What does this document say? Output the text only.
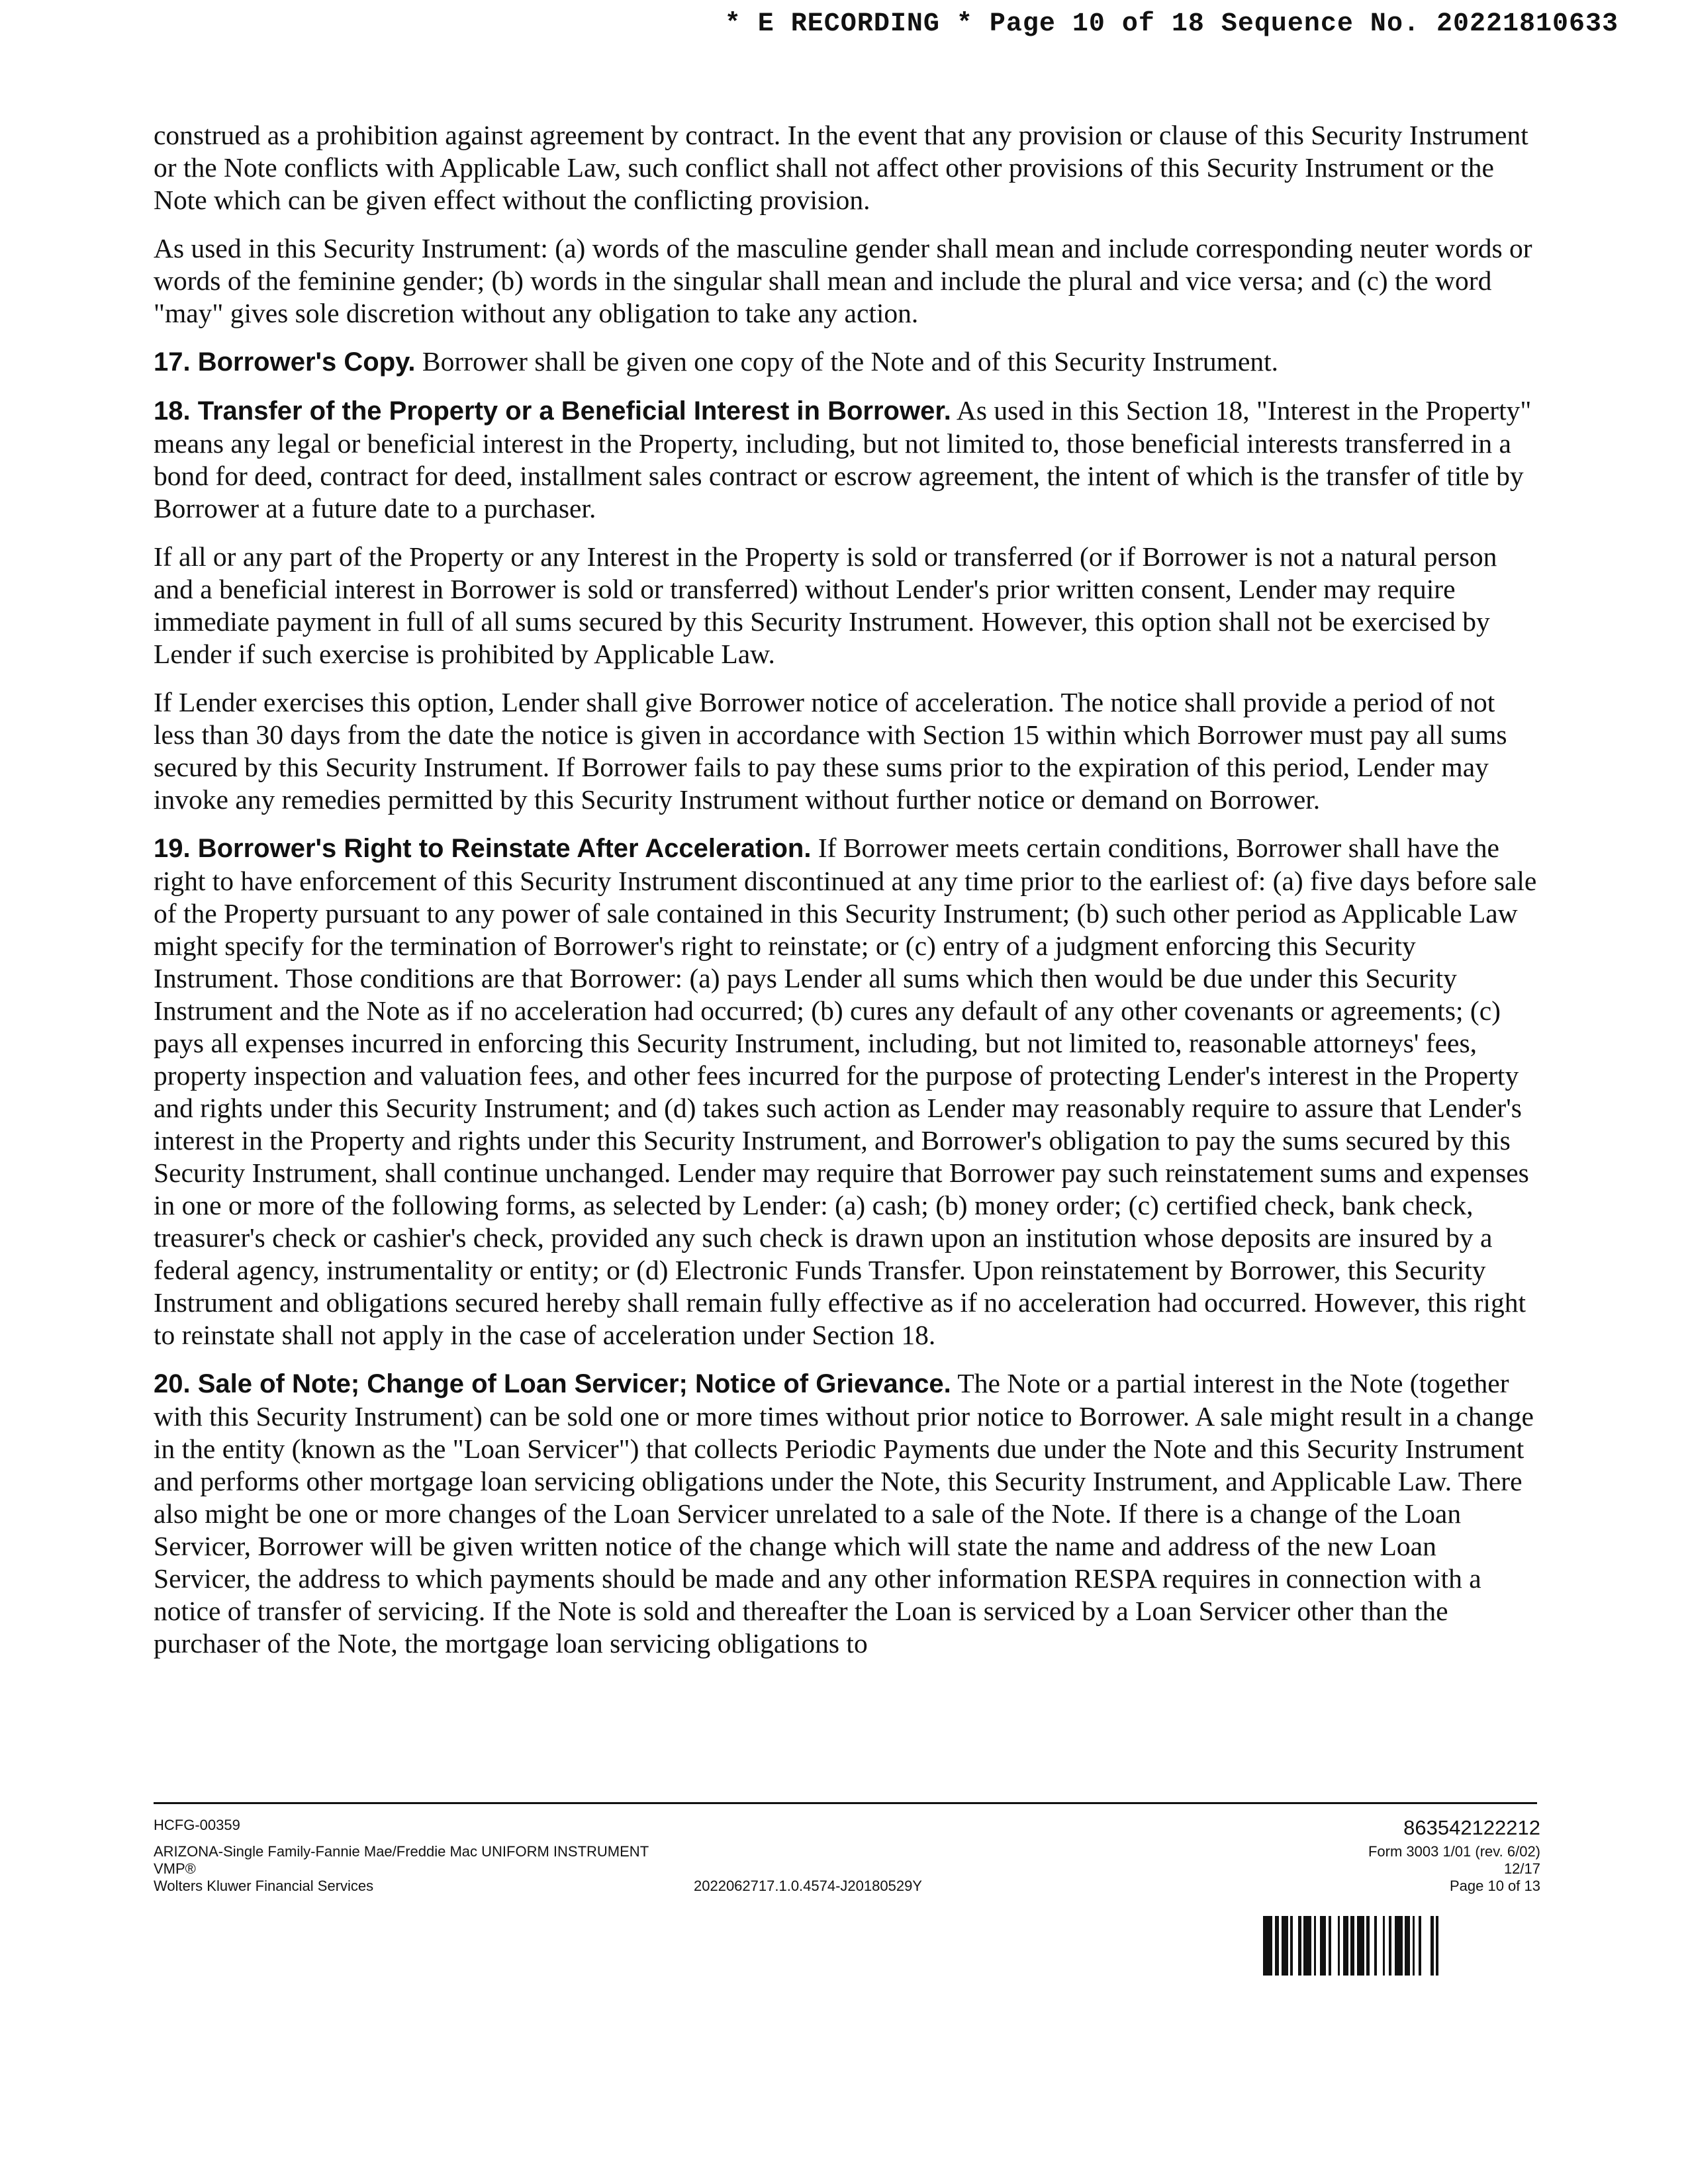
* E RECORDING * Page 10 of 18 Sequence No. 20221810633

construed as a prohibition against agreement by contract. In the event that any provision or clause of this Security Instrument or the Note conflicts with Applicable Law, such conflict shall not affect other provisions of this Security Instrument or the Note which can be given effect without the conflicting provision.

As used in this Security Instrument: (a) words of the masculine gender shall mean and include corresponding neuter words or words of the feminine gender; (b) words in the singular shall mean and include the plural and vice versa; and (c) the word "may" gives sole discretion without any obligation to take any action.

17. Borrower's Copy. Borrower shall be given one copy of the Note and of this Security Instrument.

18. Transfer of the Property or a Beneficial Interest in Borrower. As used in this Section 18, "Interest in the Property" means any legal or beneficial interest in the Property, including, but not limited to, those beneficial interests transferred in a bond for deed, contract for deed, installment sales contract or escrow agreement, the intent of which is the transfer of title by Borrower at a future date to a purchaser.

If all or any part of the Property or any Interest in the Property is sold or transferred (or if Borrower is not a natural person and a beneficial interest in Borrower is sold or transferred) without Lender's prior written consent, Lender may require immediate payment in full of all sums secured by this Security Instrument. However, this option shall not be exercised by Lender if such exercise is prohibited by Applicable Law.

If Lender exercises this option, Lender shall give Borrower notice of acceleration. The notice shall provide a period of not less than 30 days from the date the notice is given in accordance with Section 15 within which Borrower must pay all sums secured by this Security Instrument. If Borrower fails to pay these sums prior to the expiration of this period, Lender may invoke any remedies permitted by this Security Instrument without further notice or demand on Borrower.

19. Borrower's Right to Reinstate After Acceleration. If Borrower meets certain conditions, Borrower shall have the right to have enforcement of this Security Instrument discontinued at any time prior to the earliest of: (a) five days before sale of the Property pursuant to any power of sale contained in this Security Instrument; (b) such other period as Applicable Law might specify for the termination of Borrower's right to reinstate; or (c) entry of a judgment enforcing this Security Instrument. Those conditions are that Borrower: (a) pays Lender all sums which then would be due under this Security Instrument and the Note as if no acceleration had occurred; (b) cures any default of any other covenants or agreements; (c) pays all expenses incurred in enforcing this Security Instrument, including, but not limited to, reasonable attorneys' fees, property inspection and valuation fees, and other fees incurred for the purpose of protecting Lender's interest in the Property and rights under this Security Instrument; and (d) takes such action as Lender may reasonably require to assure that Lender's interest in the Property and rights under this Security Instrument, and Borrower's obligation to pay the sums secured by this Security Instrument, shall continue unchanged. Lender may require that Borrower pay such reinstatement sums and expenses in one or more of the following forms, as selected by Lender: (a) cash; (b) money order; (c) certified check, bank check, treasurer's check or cashier's check, provided any such check is drawn upon an institution whose deposits are insured by a federal agency, instrumentality or entity; or (d) Electronic Funds Transfer. Upon reinstatement by Borrower, this Security Instrument and obligations secured hereby shall remain fully effective as if no acceleration had occurred. However, this right to reinstate shall not apply in the case of acceleration under Section 18.

20. Sale of Note; Change of Loan Servicer; Notice of Grievance. The Note or a partial interest in the Note (together with this Security Instrument) can be sold one or more times without prior notice to Borrower. A sale might result in a change in the entity (known as the "Loan Servicer") that collects Periodic Payments due under the Note and this Security Instrument and performs other mortgage loan servicing obligations under the Note, this Security Instrument, and Applicable Law. There also might be one or more changes of the Loan Servicer unrelated to a sale of the Note. If there is a change of the Loan Servicer, Borrower will be given written notice of the change which will state the name and address of the new Loan Servicer, the address to which payments should be made and any other information RESPA requires in connection with a notice of transfer of servicing. If the Note is sold and thereafter the Loan is serviced by a Loan Servicer other than the purchaser of the Note, the mortgage loan servicing obligations to

HCFG-00359
ARIZONA-Single Family-Fannie Mae/Freddie Mac UNIFORM INSTRUMENT
VMP®
Wolters Kluwer Financial Services	2022062717.1.0.4574-J20180529Y
863542122212
Form 3003 1/01 (rev. 6/02)
12/17
Page 10 of 13
